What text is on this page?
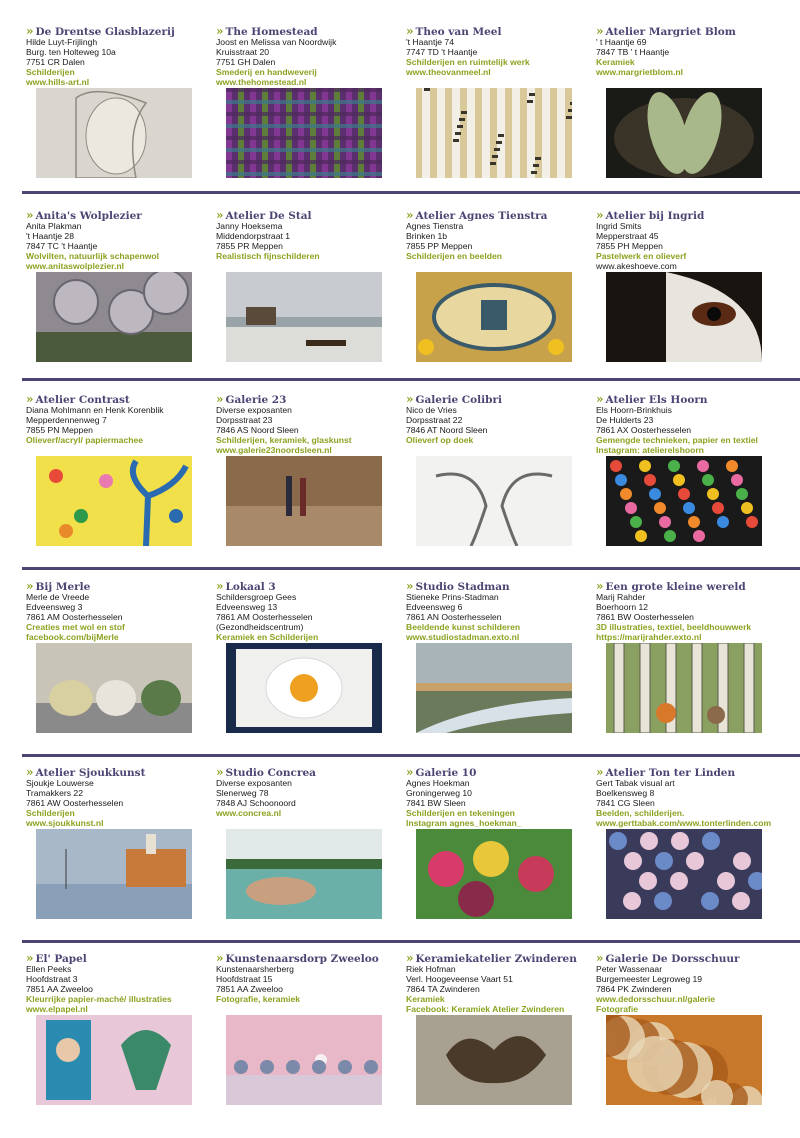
» De Drentse Glasblazerij
Hilde Luyt-Frijlingh
Burg. ten Holteweg 10a
7751 CR Dalen
Schilderijen
www.hills-art.nl
» The Homestead
Joost en Melissa van Noordwijk
Kruisstraat 20
7751 GH Dalen
Smederij en handweverij
www.thehomestead.nl
» Theo van Meel
't Haantje 74
7747 TD 't Haantje
Schilderijen en ruimtelijk werk
www.theovanmeel.nl
» Atelier Margriet Blom
' t Haantje 69
7847 TB ' t Haantje
Keramiek
www.margrietblom.nl
» Anita's Wolplezier
Anita Plakman
't Haantje 28
7847 TC 't Haantje
Wolvilten, natuurlijk schapenwol
www.anitaswolplezier.nl
» Atelier De Stal
Janny Hoeksema
Middendorpstraat 1
7855 PR Meppen
Realistisch fijnschilderen
» Atelier Agnes Tienstra
Agnes Tienstra
Brinken 1b
7855 PP Meppen
Schilderijen en beelden
» Atelier bij Ingrid
Ingrid Smits
Mepperstraat 45
7855 PH Meppen
Pastelwerk en olieverf
www.akeshoeve.com
» Atelier Contrast
Diana Mohlmann en Henk Korenblik
Mepperdennenweg 7
7855 PN Meppen
Olieverf/acryl/ papiermachee
» Galerie 23
Diverse exposanten
Dorpsstraat 23
7846 AS Noord Sleen
Schilderijen, keramiek, glaskunst
www.galerie23noordsleen.nl
» Galerie Colibri
Nico de Vries
Dorpsstraat 22
7846 AT Noord Sleen
Olieverf op doek
» Atelier Els Hoorn
Els Hoorn-Brinkhuis
De Hulderts 23
7861 AX Oosterhesselen
Gemengde technieken, papier en textiel
Instagram: atelierelshoorn
» Bij Merle
Merle de Vreede
Edveensweg 3
7861 AM Oosterhesselen
Creaties met wol en stof
facebook.com/bijMerle
» Lokaal 3
Schildersgroep Gees
Edveensweg 13
7861 AM Oosterhesselen
(Gezondheidscentrum)
Keramiek en Schilderijen
» Studio Stadman
Stieneke Prins-Stadman
Edveensweg 6
7861 AN Oosterhesselen
Beeldende kunst schilderen
www.studiostadman.exto.nl
» Een grote kleine wereld
Marij Rahder
Boerhoorn 12
7861 BW Oosterhesselen
3D illustraties, textiel, beeldhouwwerk
https://marijrahder.exto.nl
» Atelier Sjoukkunst
Sjoukje Louwerse
Tramakkers 22
7861 AW Oosterhesselen
Schilderijen
www.sjoukkunst.nl
» Studio Concrea
Diverse exposanten
Slenerweg 78
7848 AJ Schoonoord
www.concrea.nl
» Galerie 10
Agnes Hoekman
Groningerweg 10
7841 BW Sleen
Schilderijen en tekeningen
Instagram agnes_hoekman_
» Atelier Ton ter Linden
Gert Tabak visual art
Boelkensweg 8
7841 CG Sleen
Beelden, schilderijen.
www.gerttabak.com/www.tonterlinden.com
» El' Papel
Ellen Peeks
Hoofdstraat 3
7851 AA Zweeloo
Kleurrijke papier-maché/ illustraties
www.elpapel.nl
» Kunstenaarsdorp Zweeloo
Kunstenaarsherberg
Hoofdstraat 15
7851 AA Zweeloo
Fotografie, keramiek
» Keramiekatelier Zwinderen
Riek Hofman
Verl. Hoogeveense Vaart 51
7864 TA Zwinderen
Keramiek
Facebook: Keramiek Atelier Zwinderen
» Galerie De Dorsschuur
Peter Wassenaar
Burgemeester Legroweg 19
7864 PK Zwinderen
www.dedorsschuur.nl/galerie
Fotografie
